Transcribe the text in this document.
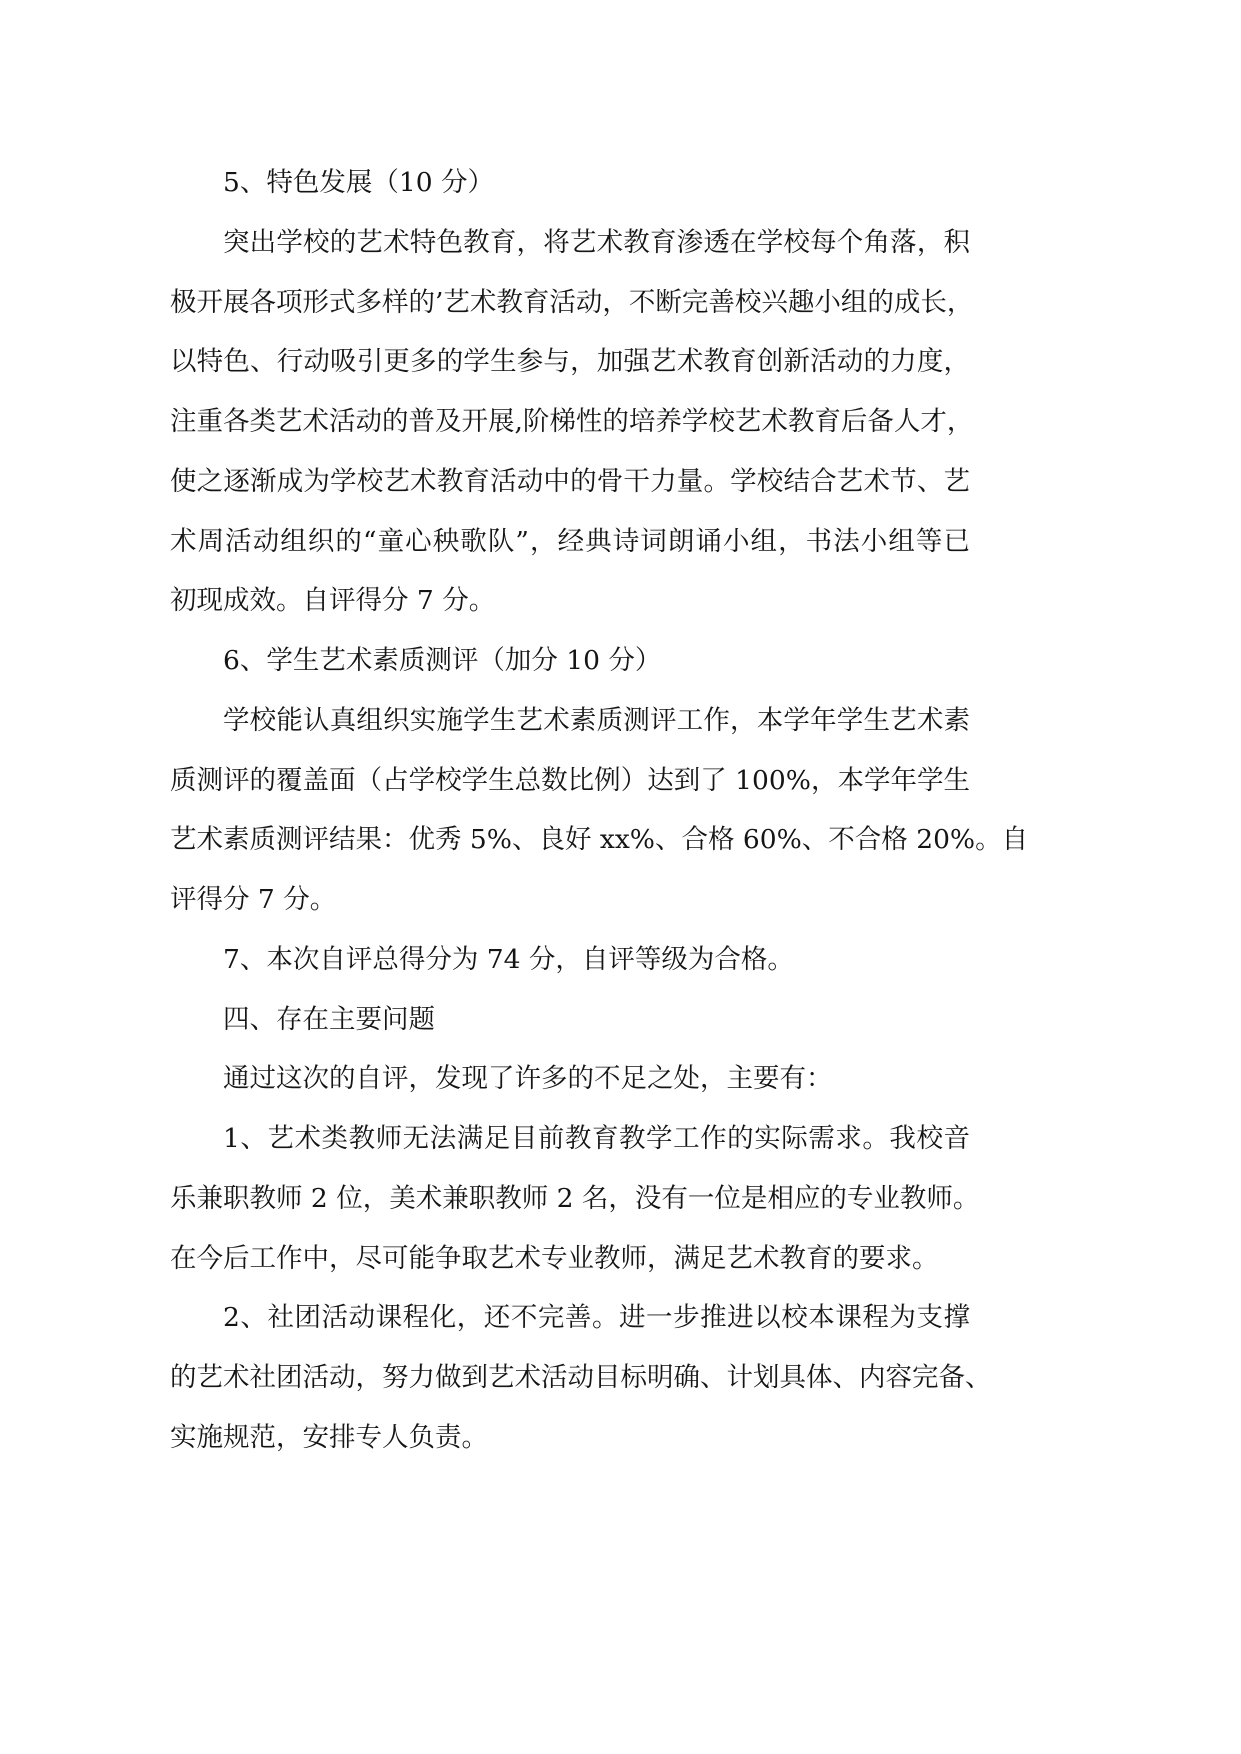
5、特色发展（10 分）
突出学校的艺术特色教育，将艺术教育渗透在学校每个角落，积
极开展各项形式多样的’艺术教育活动，不断完善校兴趣小组的成长，
以特色、行动吸引更多的学生参与，加强艺术教育创新活动的力度，
注重各类艺术活动的普及开展,阶梯性的培养学校艺术教育后备人才，
使之逐渐成为学校艺术教育活动中的骨干力量。学校结合艺术节、艺
术周活动组织的“童心秧歌队”，经典诗词朗诵小组，书法小组等已
初现成效。自评得分 7 分。
6、学生艺术素质测评（加分 10 分）
学校能认真组织实施学生艺术素质测评工作，本学年学生艺术素
质测评的覆盖面（占学校学生总数比例）达到了 100%，本学年学生
艺术素质测评结果：优秀 5%、良好 xx%、合格 60%、不合格 20%。自
评得分 7 分。
7、本次自评总得分为 74 分，自评等级为合格。
四、存在主要问题
通过这次的自评，发现了许多的不足之处，主要有：
1、艺术类教师无法满足目前教育教学工作的实际需求。我校音
乐兼职教师 2 位，美术兼职教师 2 名，没有一位是相应的专业教师。
在今后工作中，尽可能争取艺术专业教师，满足艺术教育的要求。
2、社团活动课程化，还不完善。进一步推进以校本课程为支撑
的艺术社团活动，努力做到艺术活动目标明确、计划具体、内容完备、
实施规范，安排专人负责。
